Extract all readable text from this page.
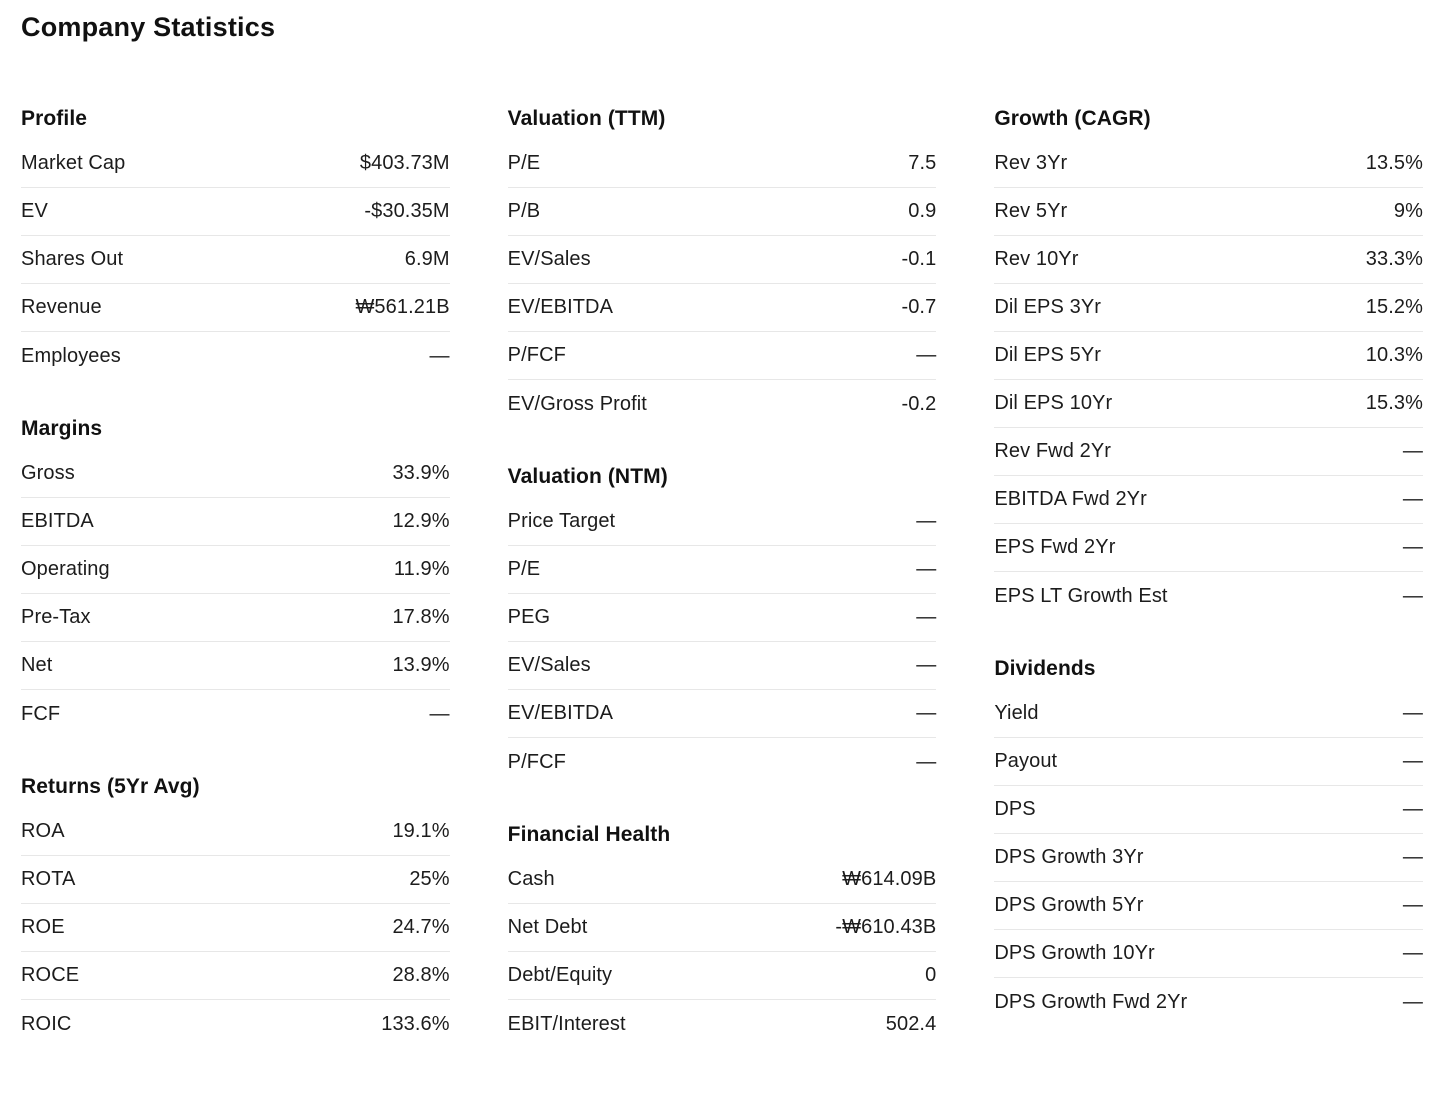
Company Statistics
Profile
Market Cap	$403.73M
EV	-$30.35M
Shares Out	6.9M
Revenue	₩561.21B
Employees	—
Margins
Gross	33.9%
EBITDA	12.9%
Operating	11.9%
Pre-Tax	17.8%
Net	13.9%
FCF	—
Returns (5Yr Avg)
ROA	19.1%
ROTA	25%
ROE	24.7%
ROCE	28.8%
ROIC	133.6%
Valuation (TTM)
P/E	7.5
P/B	0.9
EV/Sales	-0.1
EV/EBITDA	-0.7
P/FCF	—
EV/Gross Profit	-0.2
Valuation (NTM)
Price Target	—
P/E	—
PEG	—
EV/Sales	—
EV/EBITDA	—
P/FCF	—
Financial Health
Cash	₩614.09B
Net Debt	-₩610.43B
Debt/Equity	0
EBIT/Interest	502.4
Growth (CAGR)
Rev 3Yr	13.5%
Rev 5Yr	9%
Rev 10Yr	33.3%
Dil EPS 3Yr	15.2%
Dil EPS 5Yr	10.3%
Dil EPS 10Yr	15.3%
Rev Fwd 2Yr	—
EBITDA Fwd 2Yr	—
EPS Fwd 2Yr	—
EPS LT Growth Est	—
Dividends
Yield	—
Payout	—
DPS	—
DPS Growth 3Yr	—
DPS Growth 5Yr	—
DPS Growth 10Yr	—
DPS Growth Fwd 2Yr	—
